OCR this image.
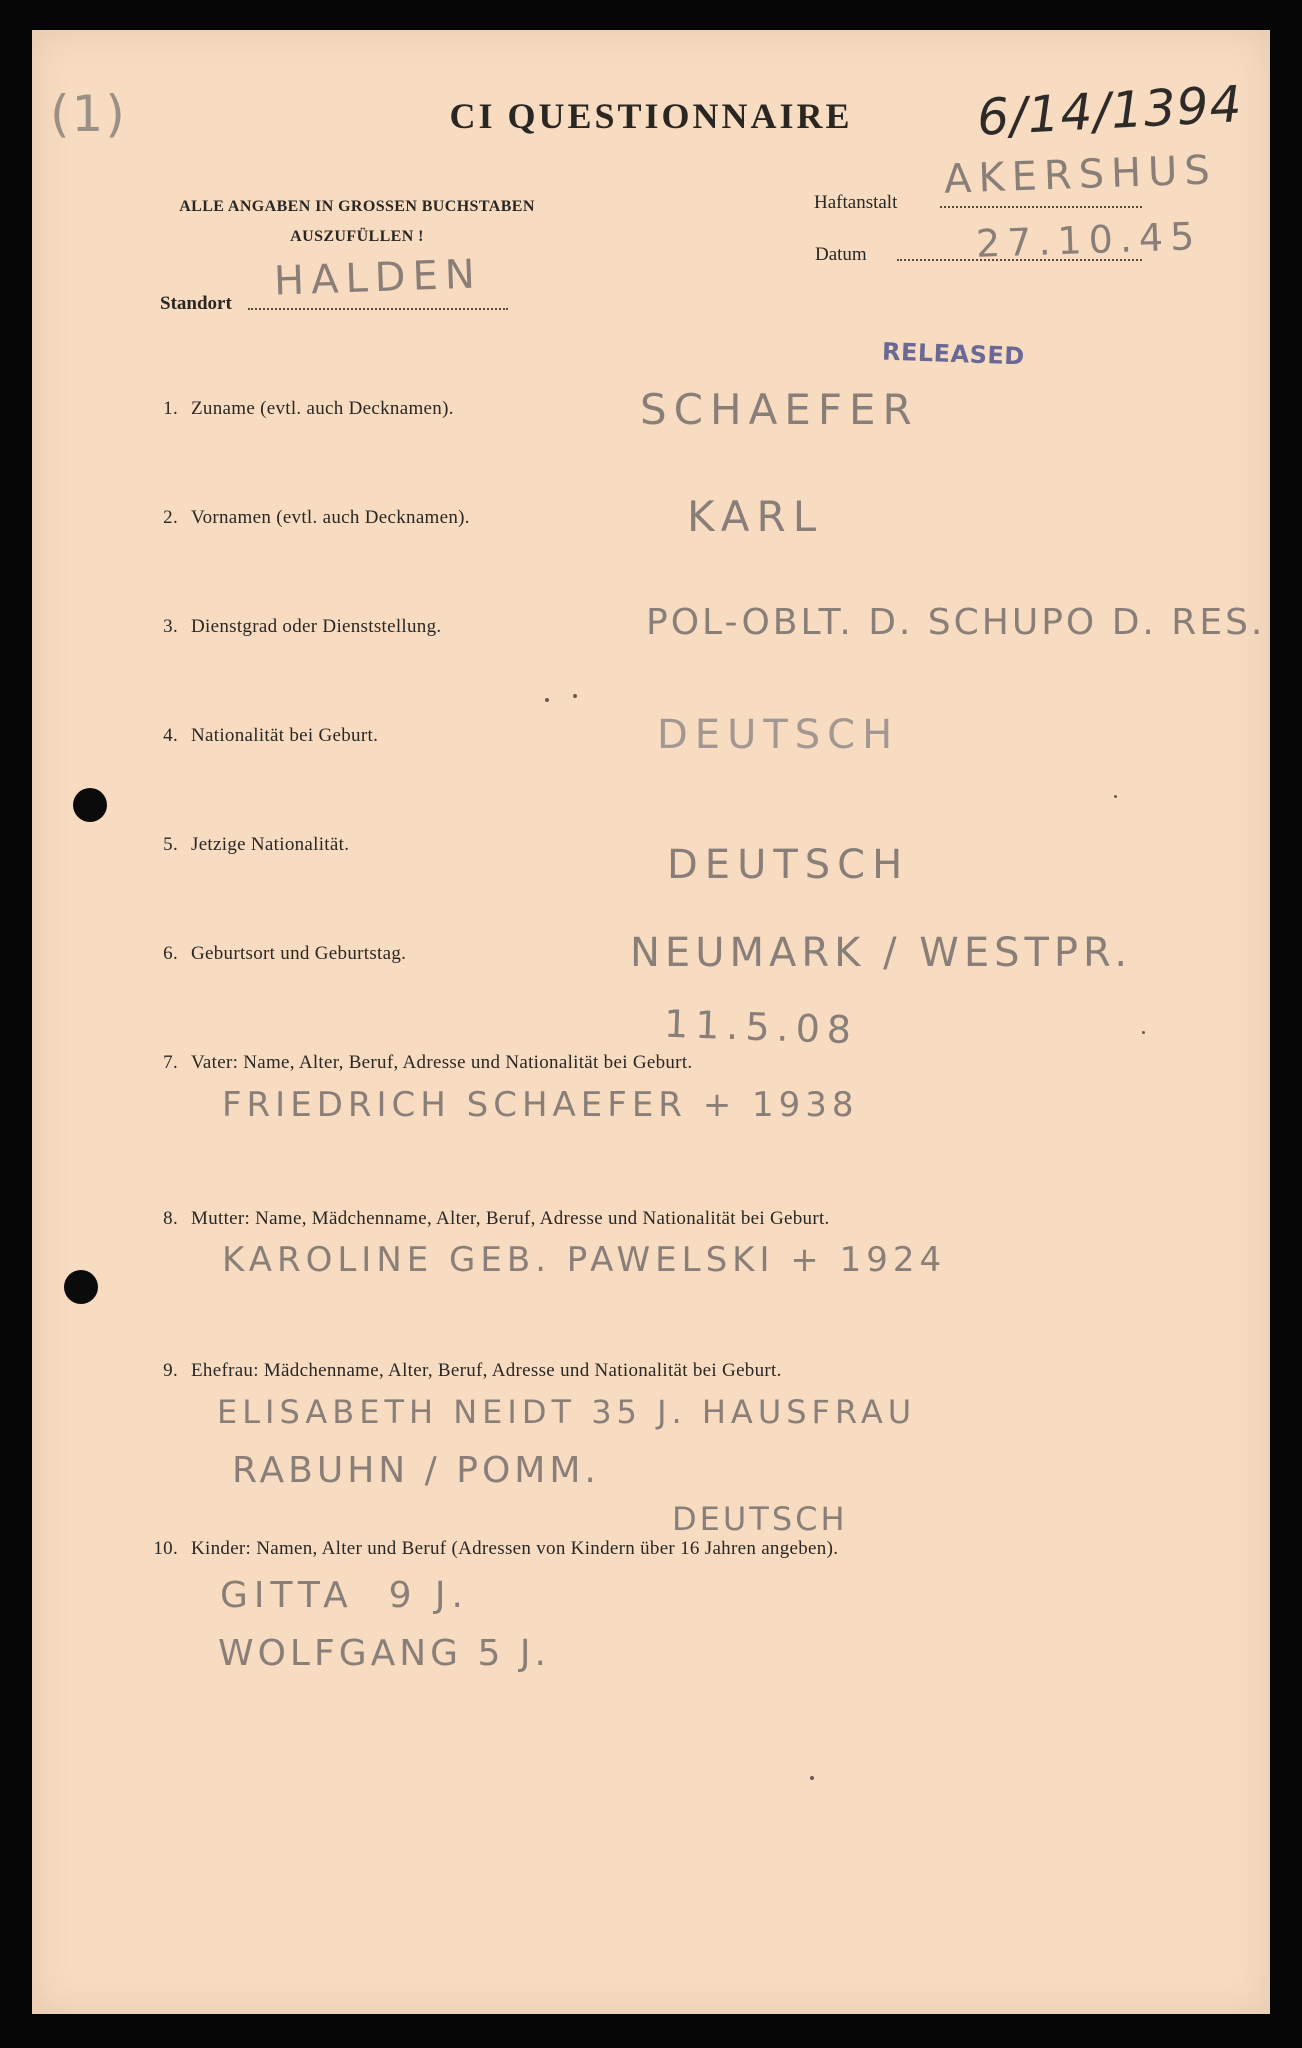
(1)	CI QUESTIONNAIRE	6/14/1394
ALLE ANGABEN IN GROSSEN BUCHSTABEN
AUSZUFÜLLEN !
Haftanstalt AKERSHUS
Datum	27.10.45
Standort HALDEN
RELEASED
1. Zuname (evtl. auch Decknamen).	SCHAEFER
2. Vornamen (evtl. auch Decknamen).	KARL
3. Dienstgrad oder Dienststellung.	POL-OBLT. D. SCHUPO D. RES.
4. Nationalität bei Geburt.	DEUTSCH
5. Jetzige Nationalität.	DEUTSCH
6. Geburtsort und Geburtstag.	NEUMARK / WESTPR.
11.5.08
7. Vater: Name, Alter, Beruf, Adresse und Nationalität bei Geburt.
FRIEDRICH SCHAEFER + 1938
8. Mutter: Name, Mädchenname, Alter, Beruf, Adresse und Nationalität bei Geburt.
KAROLINE GEB. PAWELSKI + 1924
9. Ehefrau: Mädchenname, Alter, Beruf, Adresse und Nationalität bei Geburt.
ELISABETH NEIDT 35 J. HAUSFRAU
RABUHN / POMM.
DEUTSCH
10. Kinder: Namen, Alter und Beruf (Adressen von Kindern über 16 Jahren angeben).
GITTA  9 J.
WOLFGANG 5 J.
